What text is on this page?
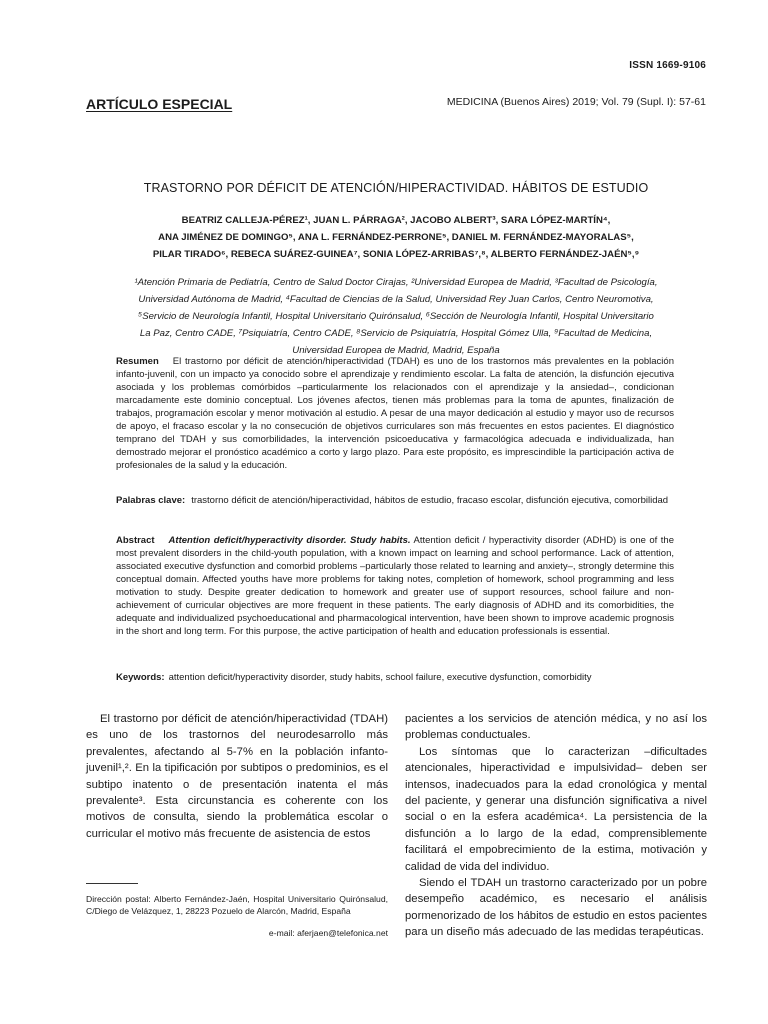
ISSN 1669-9106
ARTÍCULO ESPECIAL	MEDICINA (Buenos Aires) 2019; Vol. 79 (Supl. I): 57-61
TRASTORNO POR DÉFICIT DE ATENCIÓN/HIPERACTIVIDAD. HÁBITOS DE ESTUDIO
BEATRIZ CALLEJA-PÉREZ¹, JUAN L. PÁRRAGA², JACOBO ALBERT³, SARA LÓPEZ-MARTÍN⁴,
ANA JIMÉNEZ DE DOMINGO⁵, ANA L. FERNÁNDEZ-PERRONE⁵, DANIEL M. FERNÁNDEZ-MAYORALAS⁵,
PILAR TIRADO⁶, REBECA SUÁREZ-GUINEA⁷, SONIA LÓPEZ-ARRIBAS⁷,⁸, ALBERTO FERNÁNDEZ-JAÉN⁵,⁹
¹Atención Primaria de Pediatría, Centro de Salud Doctor Cirajas, ²Universidad Europea de Madrid, ³Facultad de Psicología,
Universidad Autónoma de Madrid, ⁴Facultad de Ciencias de la Salud, Universidad Rey Juan Carlos, Centro Neuromotiva,
⁵Servicio de Neurología Infantil, Hospital Universitario Quirónsalud, ⁶Sección de Neurología Infantil, Hospital Universitario
La Paz, Centro CADE, ⁷Psiquiatría, Centro CADE, ⁸Servicio de Psiquiatría, Hospital Gómez Ulla, ⁹Facultad de Medicina,
Universidad Europea de Madrid, Madrid, España
Resumen El trastorno por déficit de atención/hiperactividad (TDAH) es uno de los trastornos más prevalentes en la población infanto-juvenil, con un impacto ya conocido sobre el aprendizaje y rendimiento escolar. La falta de atención, la disfunción ejecutiva asociada y los problemas comórbidos –particularmente los relacionados con el aprendizaje y la ansiedad–, condicionan marcadamente este dominio conceptual. Los jóvenes afectos, tienen más problemas para la toma de apuntes, finalización de trabajos, programación escolar y menor motivación al estudio. A pesar de una mayor dedicación al estudio y mayor uso de recursos de apoyo, el fracaso escolar y la no consecución de objetivos curriculares son más frecuentes en estos pacientes. El diagnóstico temprano del TDAH y sus comorbilidades, la intervención psicoeducativa y farmacológica adecuada e individualizada, han demostrado mejorar el pronóstico académico a corto y largo plazo. Para este propósito, es imprescindible la participación activa de profesionales de la salud y la educación.
Palabras clave: trastorno déficit de atención/hiperactividad, hábitos de estudio, fracaso escolar, disfunción ejecutiva, comorbilidad
Abstract Attention deficit/hyperactivity disorder. Study habits. Attention deficit / hyperactivity disorder (ADHD) is one of the most prevalent disorders in the child-youth population, with a known impact on learning and school performance. Lack of attention, associated executive dysfunction and comorbid problems –particularly those related to learning and anxiety–, strongly determine this conceptual domain. Affected youths have more problems for taking notes, completion of homework, school programming and less motivation to study. Despite greater dedication to homework and greater use of support resources, school failure and non-achievement of curricular objectives are more frequent in these patients. The early diagnosis of ADHD and its comorbidities, the adequate and individualized psychoeducational and pharmacological intervention, have been shown to improve academic prognosis in the short and long term. For this purpose, the active participation of health and education professionals is essential.
Keywords: attention deficit/hyperactivity disorder, study habits, school failure, executive dysfunction, comorbidity

El trastorno por déficit de atención/hiperactividad (TDAH) es uno de los trastornos del neurodesarrollo más prevalentes, afectando al 5-7% en la población infanto-juvenil¹,². En la tipificación por subtipos o predominios, es el subtipo inatento o de presentación inatenta el más prevalente³. Esta circunstancia es coherente con los motivos de consulta, siendo la problemática escolar o curricular el motivo más frecuente de asistencia de estos

pacientes a los servicios de atención médica, y no así los problemas conductuales.

Los síntomas que lo caracterizan –dificultades atencionales, hiperactividad e impulsividad– deben ser intensos, inadecuados para la edad cronológica y mental del paciente, y generar una disfunción significativa a nivel social o en la esfera académica⁴. La persistencia de la disfunción a lo largo de la edad, comprensiblemente facilitará el empobrecimiento de la estima, motivación y calidad de vida del individuo.

Siendo el TDAH un trastorno caracterizado por un pobre desempeño académico, es necesario el análisis pormenorizado de los hábitos de estudio en estos pacientes para un diseño más adecuado de las medidas terapéuticas.

Dirección postal: Alberto Fernández-Jaén, Hospital Universitario Quirónsalud, C/Diego de Velázquez, 1, 28223 Pozuelo de Alarcón, Madrid, España
e-mail: aferjaen@telefonica.net
